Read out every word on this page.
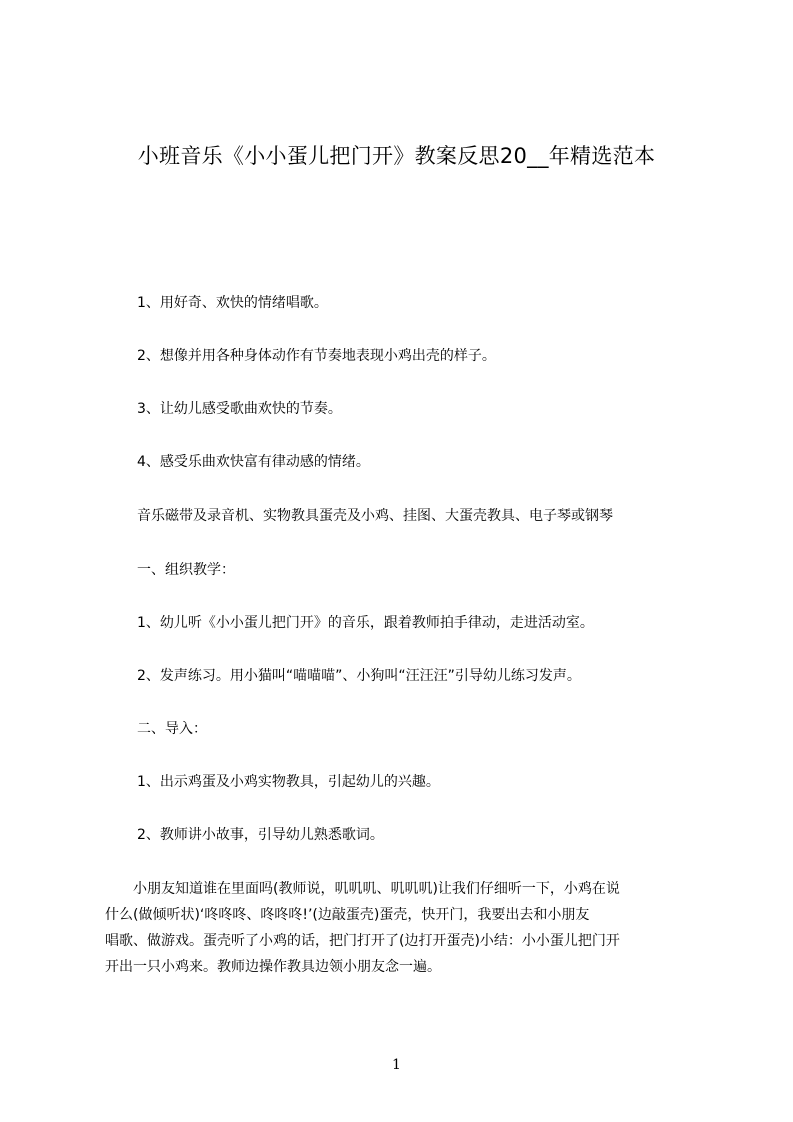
小班音乐《小小蛋儿把门开》教案反思20__年精选范本
1、用好奇、欢快的情绪唱歌。
2、想像并用各种身体动作有节奏地表现小鸡出壳的样子。
3、让幼儿感受歌曲欢快的节奏。
4、感受乐曲欢快富有律动感的情绪。
音乐磁带及录音机、实物教具蛋壳及小鸡、挂图、大蛋壳教具、电子琴或钢琴
一、组织教学：
1、幼儿听《小小蛋儿把门开》的音乐，跟着教师拍手律动，走进活动室。
2、发声练习。用小猫叫“喵喵喵”、小狗叫“汪汪汪”引导幼儿练习发声。
二、导入：
1、出示鸡蛋及小鸡实物教具，引起幼儿的兴趣。
2、教师讲小故事，引导幼儿熟悉歌词。
　　小朋友知道谁在里面吗(教师说，叽叽叽、叽叽叽)让我们仔细听一下，小鸡在说
什么(做倾听状)‘咚咚咚、咚咚咚!’(边敲蛋壳)蛋壳，快开门，我要出去和小朋友
唱歌、做游戏。蛋壳听了小鸡的话，把门打开了(边打开蛋壳)小结：小小蛋儿把门开
开出一只小鸡来。教师边操作教具边领小朋友念一遍。
1
